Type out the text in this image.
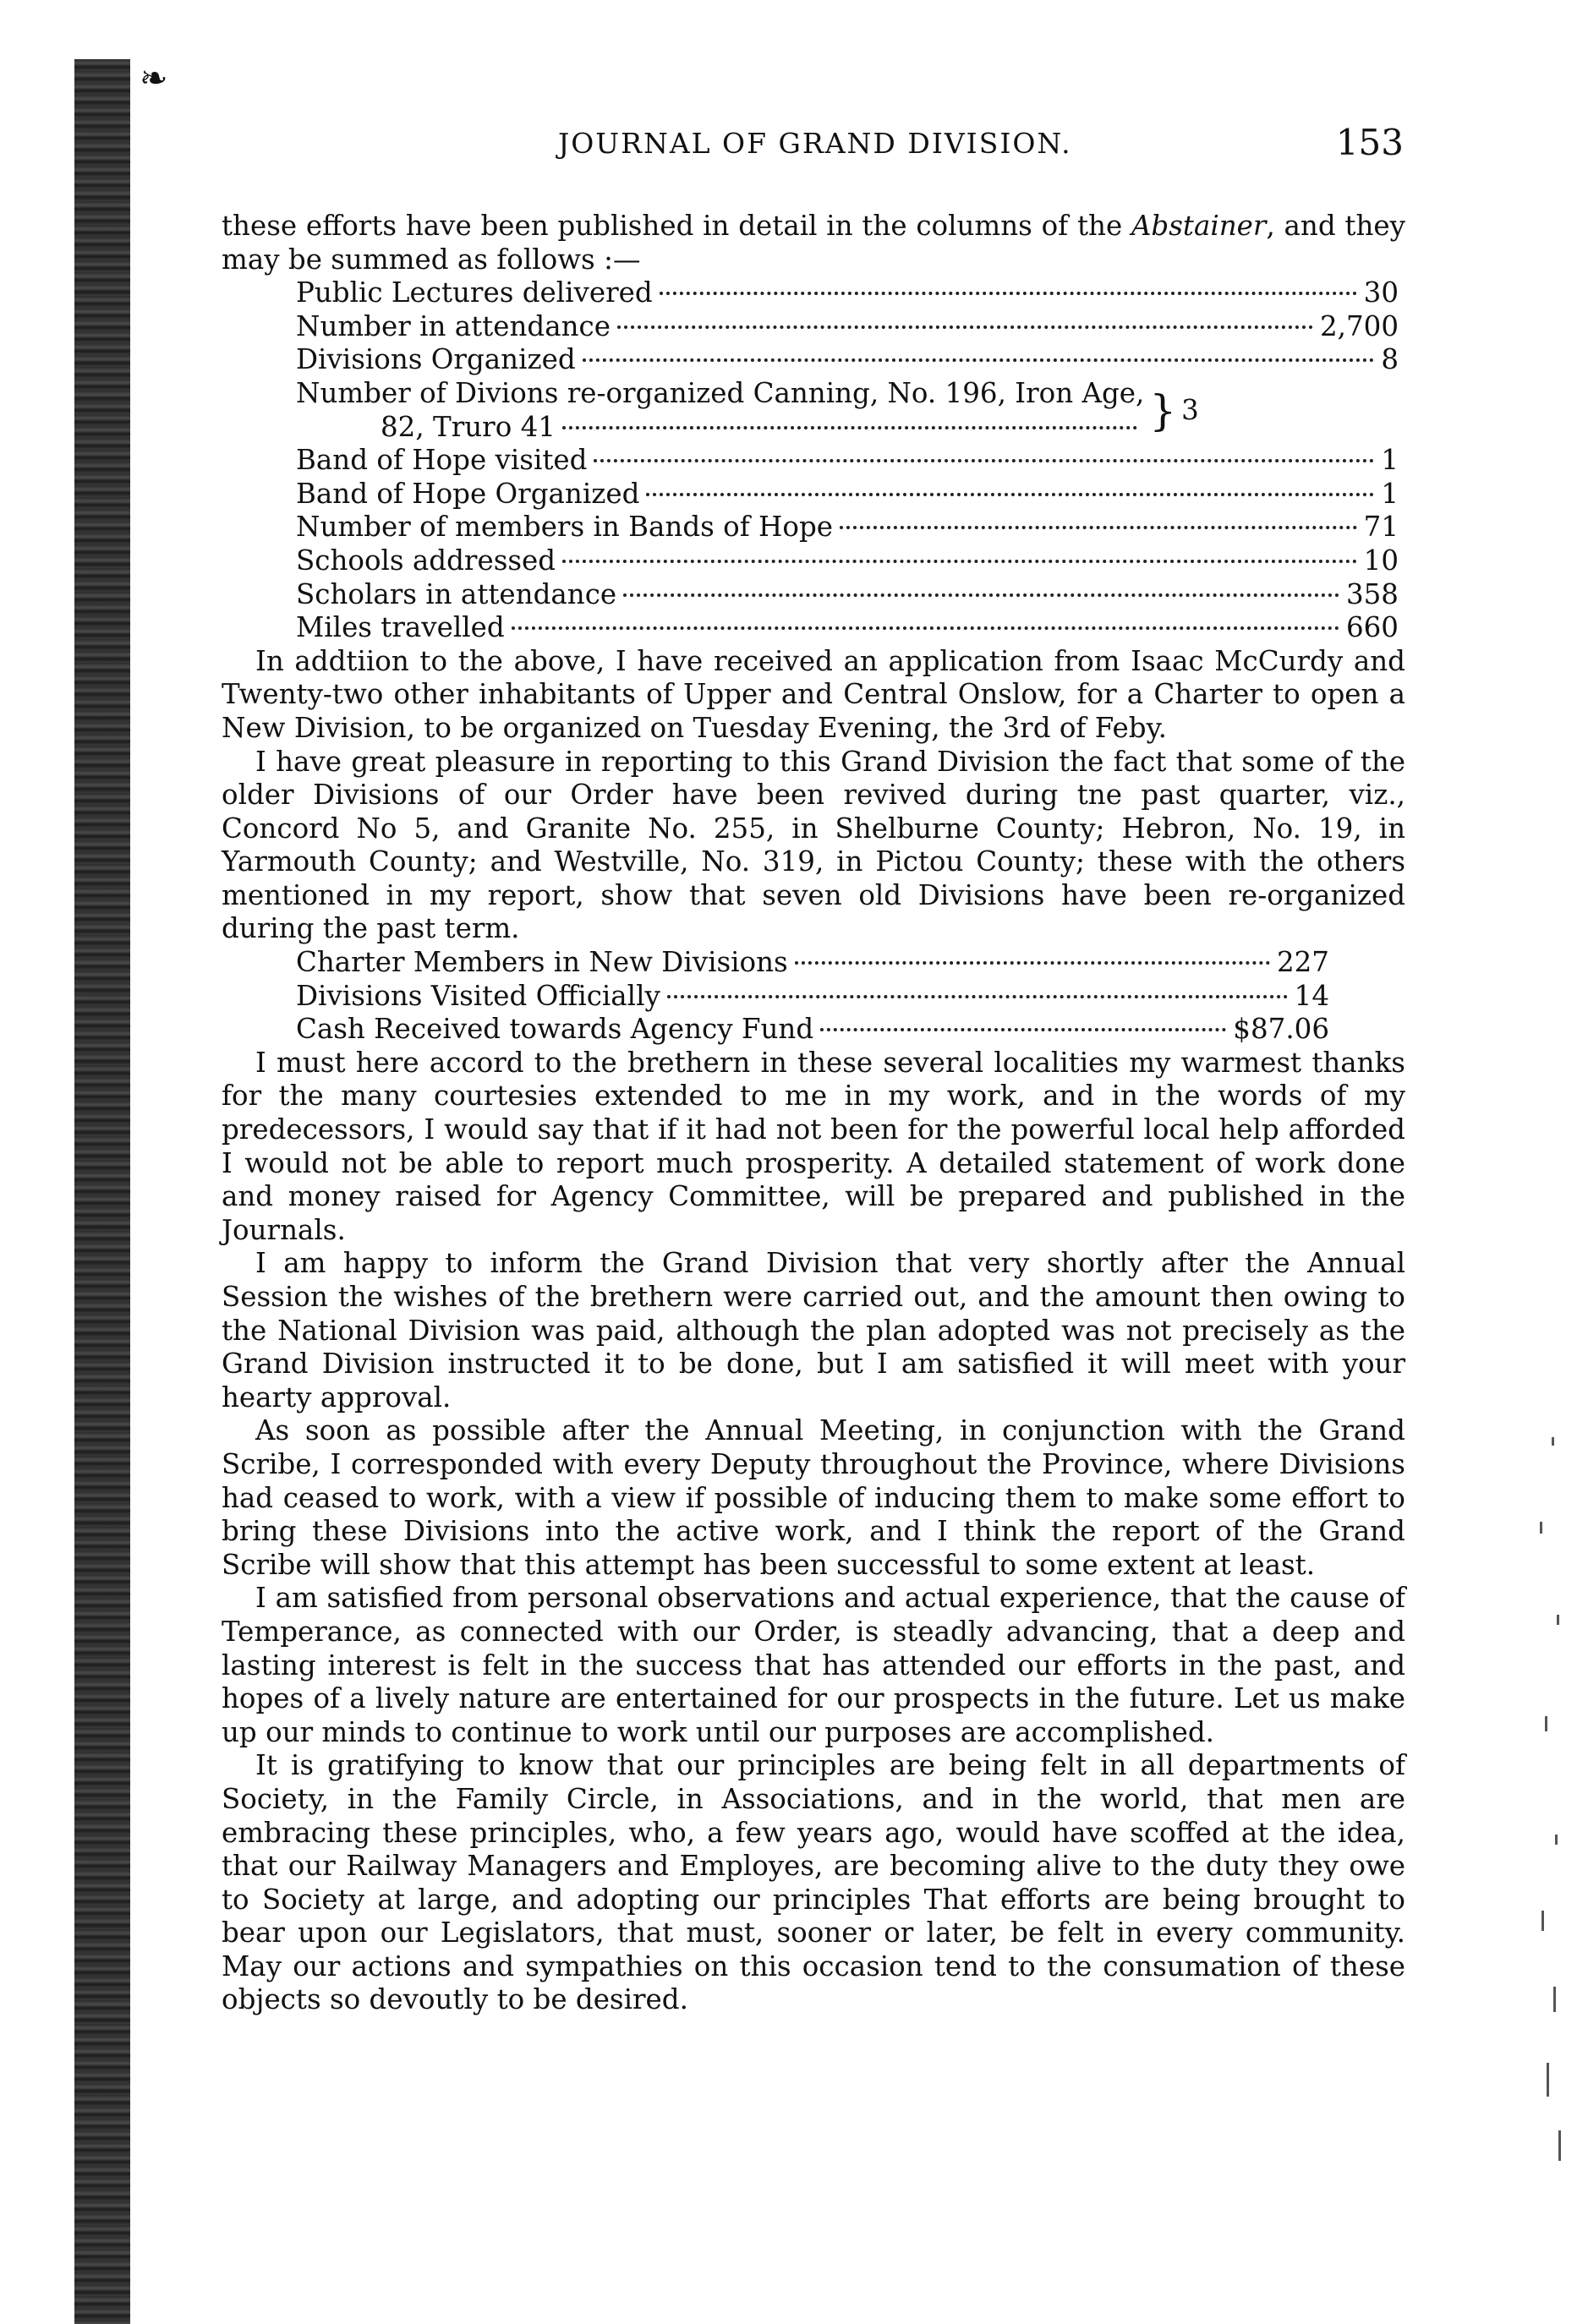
❧
JOURNAL OF GRAND DIVISION.	153

these efforts have been published in detail in the columns of the Abstainer, and they may be summed as follows :—

Public Lectures delivered	30
Number in attendance	2,700
Divisions Organized	8
Number of Divions re-organized Canning, No. 196, Iron Age,
82, Truro 41	} 3
Band of Hope visited	1
Band of Hope Organized	1
Number of members in Bands of Hope	71
Schools addressed	10
Scholars in attendance	358
Miles travelled	660

In addtiion to the above, I have received an application from Isaac McCurdy and Twenty-two other inhabitants of Upper and Central Onslow, for a Charter to open a New Division, to be organized on Tuesday Evening, the 3rd of Feby.

I have great pleasure in reporting to this Grand Division the fact that some of the older Divisions of our Order have been revived during tne past quarter, viz., Concord No 5, and Granite No. 255, in Shelburne County; Hebron, No. 19, in Yarmouth County; and Westville, No. 319, in Pictou County; these with the others mentioned in my report, show that seven old Divisions have been re-organized during the past term.

Charter Members in New Divisions	227
Divisions Visited Officially	14
Cash Received towards Agency Fund	$87.06

I must here accord to the brethern in these several localities my warmest thanks for the many courtesies extended to me in my work, and in the words of my predecessors, I would say that if it had not been for the powerful local help afforded I would not be able to report much prosperity. A detailed statement of work done and money raised for Agency Committee, will be prepared and published in the Journals.

I am happy to inform the Grand Division that very shortly after the Annual Session the wishes of the brethern were carried out, and the amount then owing to the National Division was paid, although the plan adopted was not precisely as the Grand Division instructed it to be done, but I am satisfied it will meet with your hearty approval.

As soon as possible after the Annual Meeting, in conjunction with the Grand Scribe, I corresponded with every Deputy throughout the Province, where Divisions had ceased to work, with a view if possible of inducing them to make some effort to bring these Divisions into the active work, and I think the report of the Grand Scribe will show that this attempt has been successful to some extent at least.

I am satisfied from personal observations and actual experience, that the cause of Temperance, as connected with our Order, is steadly advancing, that a deep and lasting interest is felt in the success that has attended our efforts in the past, and hopes of a lively nature are entertained for our prospects in the future. Let us make up our minds to continue to work until our purposes are accomplished.

It is gratifying to know that our principles are being felt in all departments of Society, in the Family Circle, in Associations, and in the world, that men are embracing these principles, who, a few years ago, would have scoffed at the idea, that our Railway Managers and Employes, are becoming alive to the duty they owe to Society at large, and adopting our principles That efforts are being brought to bear upon our Legislators, that must, sooner or later, be felt in every community. May our actions and sympathies on this occasion tend to the consumation of these objects so devoutly to be desired.
